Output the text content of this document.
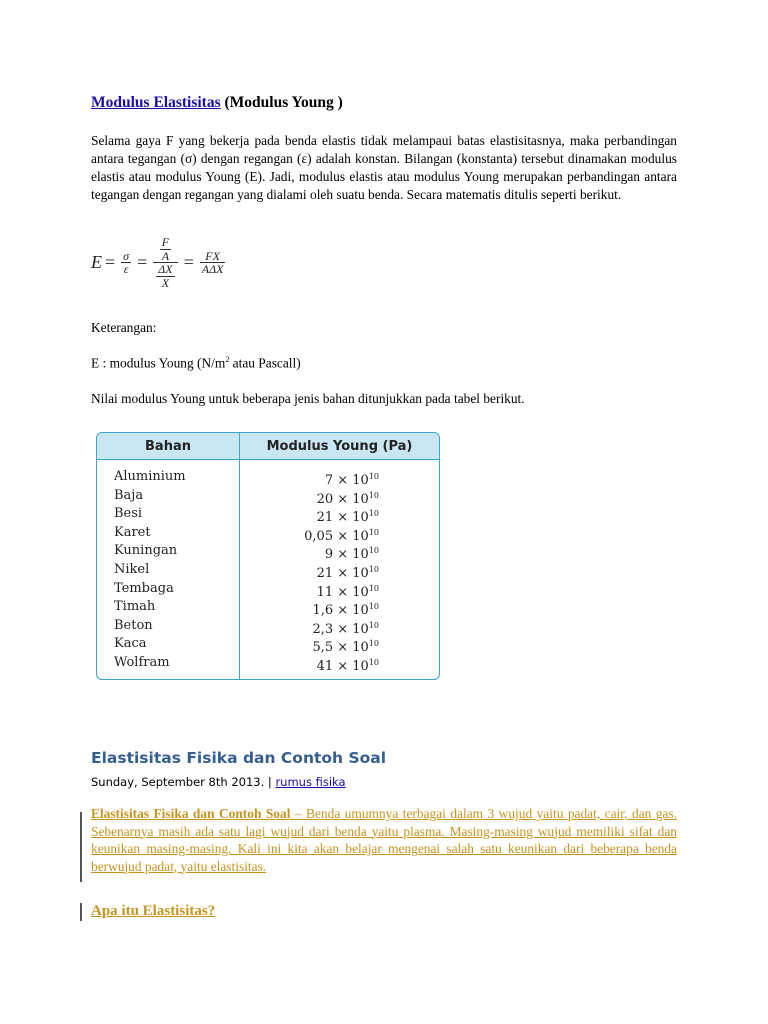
Modulus Elastisitas (Modulus Young )

Selama gaya F yang bekerja pada benda elastis tidak melampaui batas elastisitasnya, maka perbandingan antara tegangan (σ) dengan regangan (ε) adalah konstan. Bilangan (konstanta) tersebut dinamakan modulus elastis atau modulus Young (E). Jadi, modulus elastis atau modulus Young merupakan perbandingan antara tegangan dengan regangan yang dialami oleh suatu benda. Secara matematis ditulis seperti berikut.

$E = \frac{\sigma}{\varepsilon} = \frac{\frac{F}{A}}{\frac{\Delta X}{X}} = \frac{FX}{\text{AΔX}}$
Keterangan:
E : modulus Young ($N/m^2$ atau Pascall)
Nilai modulus Young untuk beberapa jenis bahan ditunjukkan pada tabel berikut.
Bahan	Modulus Young (Pa)
Aluminium
Baja
Besi
Karet
Kuningan
Nikel
Tembaga
Timah
Beton
Kaca
Wolfram
$7 \times 10^{10}$
$20 \times 10^{10}$
$21 \times 10^{10}$
$0,05 \times 10^{10}$
$9 \times 10^{10}$
$21 \times 10^{10}$
$11 \times 10^{10}$
$1,6 \times 10^{10}$
$2,3 \times 10^{10}$
$5,5 \times 10^{10}$
$41 \times 10^{10}$
Elastisitas Fisika dan Contoh Soal
Sunday, September 8th 2013. | rumus fisika
Elastisitas Fisika dan Contoh Soal – Benda umumnya terbagai dalam 3 wujud yaitu padat, cair, dan gas. Sebenarnya masih ada satu lagi wujud dari benda yaitu plasma. Masing-masing wujud memiliki sifat dan keunikan masing-masing. Kali ini kita akan belajar mengenai salah satu keunikan dari beberapa benda berwujud padat, yaitu elastisitas.
Apa itu Elastisitas?
